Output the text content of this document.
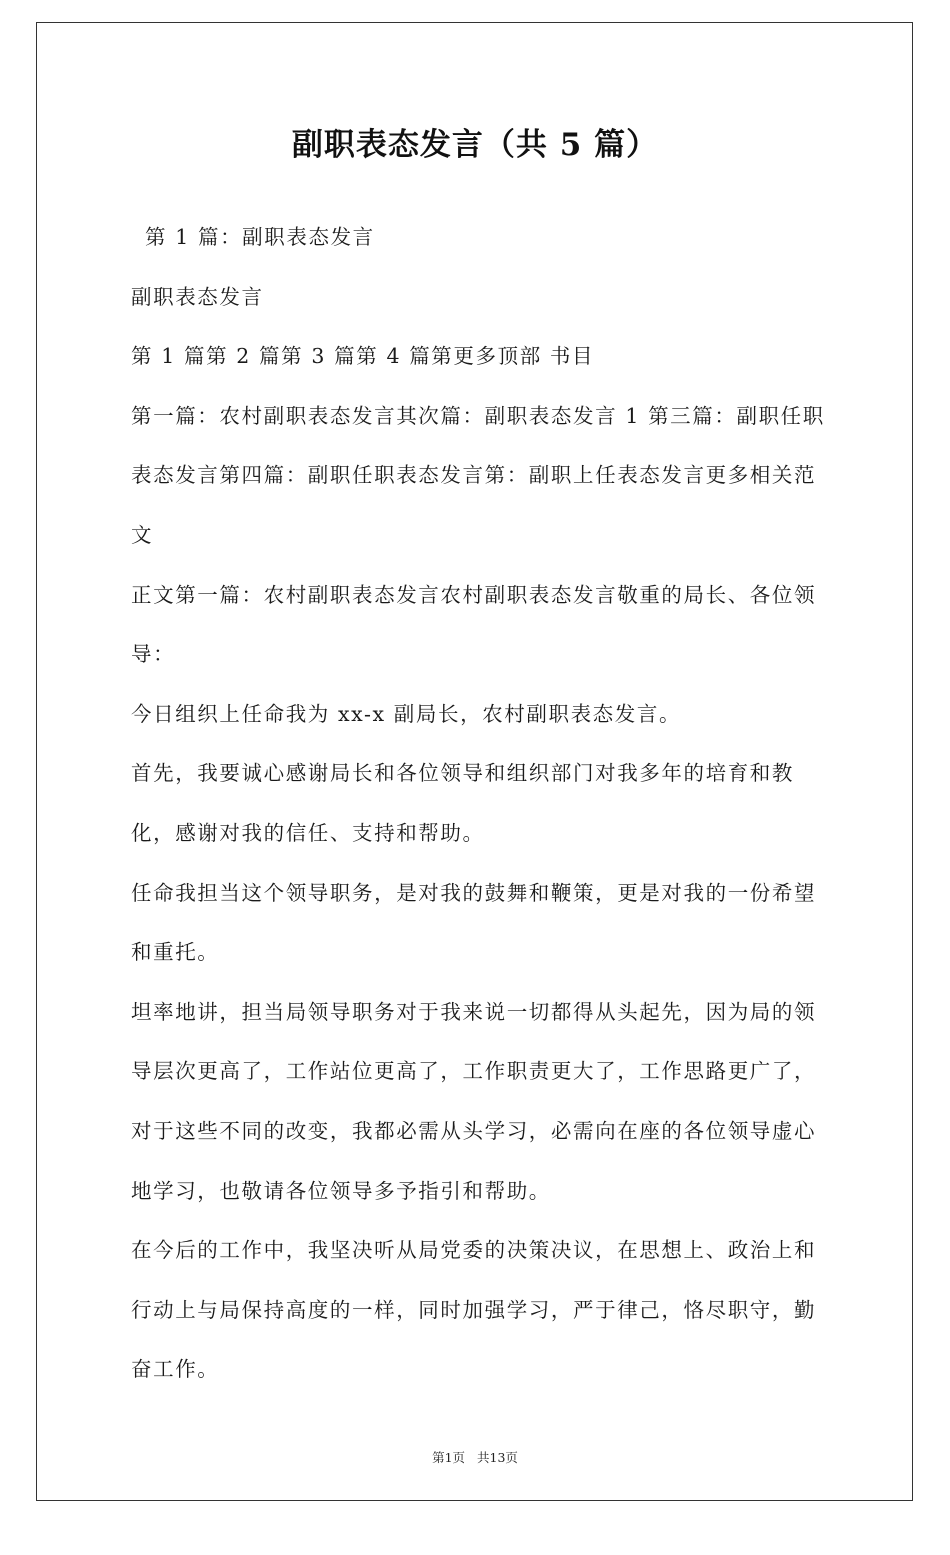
副职表态发言（共 5 篇）

第 1 篇：副职表态发言

副职表态发言

第 1 篇第 2 篇第 3 篇第 4 篇第更多顶部 书目

第一篇：农村副职表态发言其次篇：副职表态发言 1 第三篇：副职任职表态发言第四篇：副职任职表态发言第：副职上任表态发言更多相关范文

正文第一篇：农村副职表态发言农村副职表态发言敬重的局长、各位领导：

今日组织上任命我为 xx-x 副局长，农村副职表态发言。

首先，我要诚心感谢局长和各位领导和组织部门对我多年的培育和教化，感谢对我的信任、支持和帮助。

任命我担当这个领导职务，是对我的鼓舞和鞭策，更是对我的一份希望和重托。

坦率地讲，担当局领导职务对于我来说一切都得从头起先，因为局的领导层次更高了，工作站位更高了，工作职责更大了，工作思路更广了，对于这些不同的改变，我都必需从头学习，必需向在座的各位领导虚心地学习，也敬请各位领导多予指引和帮助。

在今后的工作中，我坚决听从局党委的决策决议，在思想上、政治上和行动上与局保持高度的一样，同时加强学习，严于律己，恪尽职守，勤奋工作。

第1页 共13页
